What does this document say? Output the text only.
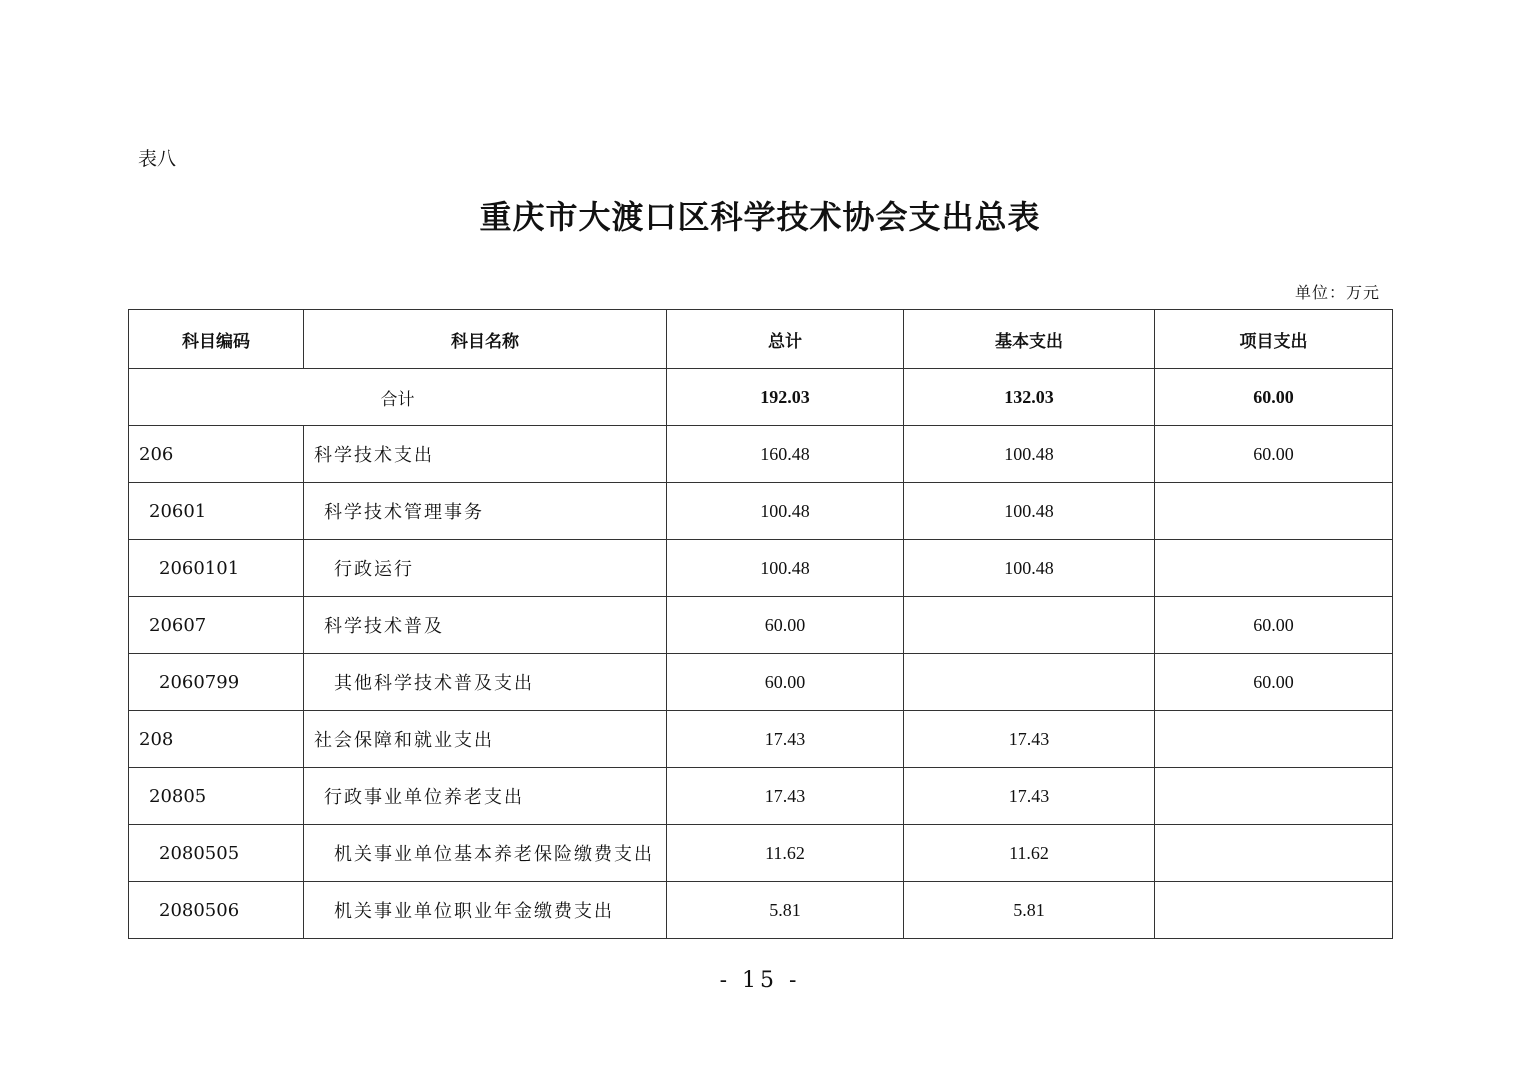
表八
重庆市大渡口区科学技术协会支出总表
单位：万元
科目编码	科目名称	总计	基本支出	项目支出
合计		192.03	132.03	60.00
206	科学技术支出	160.48	100.48	60.00
20601	科学技术管理事务	100.48	100.48	
2060101	行政运行	100.48	100.48	
20607	科学技术普及	60.00		60.00
2060799	其他科学技术普及支出	60.00		60.00
208	社会保障和就业支出	17.43	17.43	
20805	行政事业单位养老支出	17.43	17.43	
2080505	机关事业单位基本养老保险缴费支出	11.62	11.62	
2080506	机关事业单位职业年金缴费支出	5.81	5.81	
- 15 -
